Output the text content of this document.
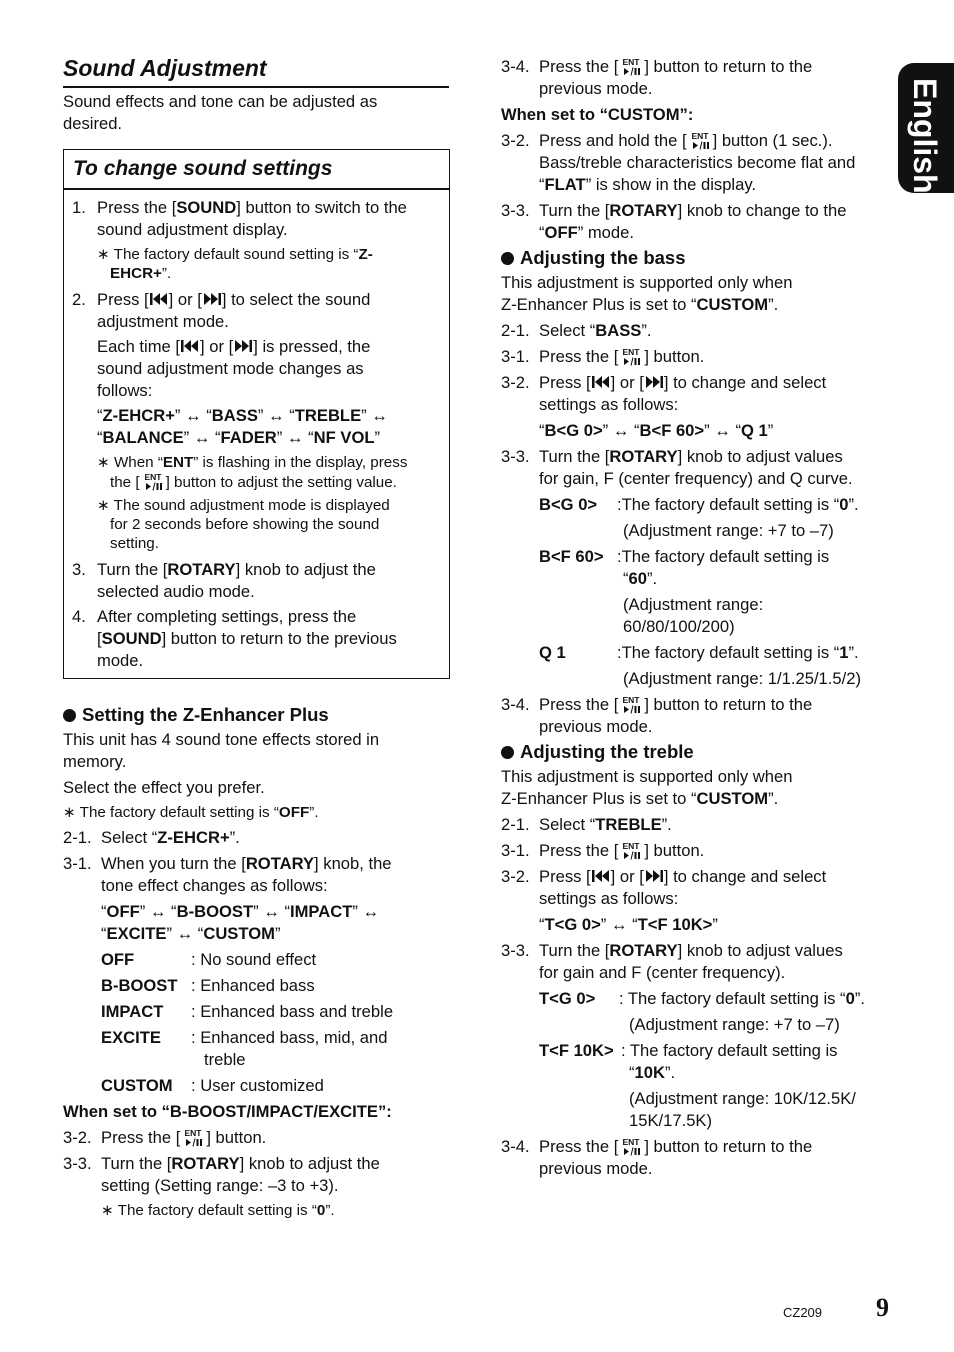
Sound Adjustment
Sound effects and tone can be adjusted as
desired.
To change sound settings
1. Press the [SOUND] button to switch to the
sound adjustment display.
∗ The factory default sound setting is “Z-
EHCR+”.
2. Press [ ] or [ ] to select the sound
adjustment mode.
Each time [ ] or [ ] is pressed, the
sound adjustment mode changes as
follows:
“Z-EHCR+” ↔ “BASS” ↔ “TREBLE” ↔
“BALANCE” ↔ “FADER” ↔ “NF VOL”
∗ When “ENT” is flashing in the display, press
the [ ] button to adjust the setting value.
∗ The sound adjustment mode is displayed
for 2 seconds before showing the sound
setting.
3. Turn the [ROTARY] knob to adjust the
selected audio mode.
4. After completing settings, press the
[SOUND] button to return to the previous
mode.
Setting the Z-Enhancer Plus
This unit has 4 sound tone effects stored in
memory.
Select the effect you prefer.
∗ The factory default setting is “OFF”.
2-1. Select “Z-EHCR+”.
3-1. When you turn the [ROTARY] knob, the
tone effect changes as follows:
“OFF” ↔ “B-BOOST” ↔ “IMPACT” ↔
“EXCITE” ↔ “CUSTOM”
OFF	: No sound effect
B-BOOST : Enhanced bass
IMPACT : Enhanced bass and treble
EXCITE : Enhanced bass, mid, and
treble
CUSTOM : User customized
When set to “B-BOOST/IMPACT/EXCITE”:
3-2. Press the [ ] button.
3-3. Turn the [ROTARY] knob to adjust the
setting (Setting range: –3 to +3).
∗ The factory default setting is “0”.
3-4. Press the [ ] button to return to the
previous mode.
When set to “CUSTOM”:
3-2. Press and hold the [ ] button (1 sec.).
Bass/treble characteristics become flat and
“FLAT” is show in the display.
3-3. Turn the [ROTARY] knob to change to the
“OFF” mode.
Adjusting the bass
This adjustment is supported only when
Z-Enhancer Plus is set to “CUSTOM”.
2-1. Select “BASS”.
3-1. Press the [ ] button.
3-2. Press [ ] or [ ] to change and select
settings as follows:
“B<G 0>” ↔ “B<F 60>” ↔ “Q 1”
3-3. Turn the [ROTARY] knob to adjust values
for gain, F (center frequency) and Q curve.
B<G 0> :The factory default setting is “0”.
(Adjustment range: +7 to –7)
B<F 60> :The factory default setting is
“60”.
(Adjustment range:
60/80/100/200)
Q 1	:The factory default setting is “1”.
(Adjustment range: 1/1.25/1.5/2)
3-4. Press the [ ] button to return to the
previous mode.
Adjusting the treble
This adjustment is supported only when
Z-Enhancer Plus is set to “CUSTOM”.
2-1. Select “TREBLE”.
3-1. Press the [ ] button.
3-2. Press [ ] or [ ] to change and select
settings as follows:
“T<G 0>” ↔ “T<F 10K>”
3-3. Turn the [ROTARY] knob to adjust values
for gain and F (center frequency).
T<G 0> : The factory default setting is “0”.
(Adjustment range: +7 to –7)
T<F 10K> : The factory default setting is
“10K”.
(Adjustment range: 10K/12.5K/
15K/17.5K)
3-4. Press the [ ] button to return to the
previous mode.
English
CZ209 9
